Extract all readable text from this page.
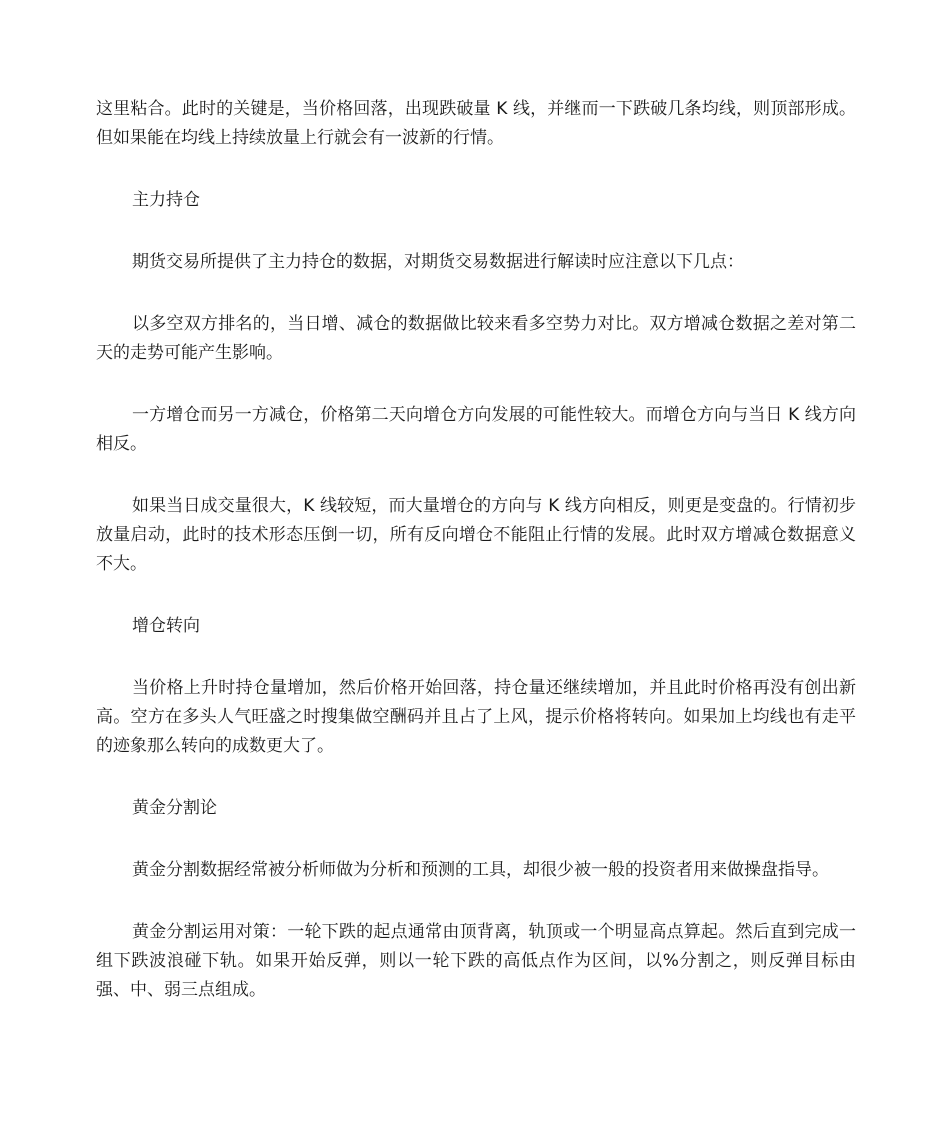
这里粘合。此时的关键是，当价格回落，出现跌破量 K 线，并继而一下跌破几条均线，则顶部形成。但如果能在均线上持续放量上行就会有一波新的行情。

主力持仓

期货交易所提供了主力持仓的数据，对期货交易数据进行解读时应注意以下几点：

以多空双方排名的，当日增、减仓的数据做比较来看多空势力对比。双方增减仓数据之差对第二天的走势可能产生影响。

一方增仓而另一方减仓，价格第二天向增仓方向发展的可能性较大。而增仓方向与当日 K 线方向相反。

如果当日成交量很大，K 线较短，而大量增仓的方向与 K 线方向相反，则更是变盘的。行情初步放量启动，此时的技术形态压倒一切，所有反向增仓不能阻止行情的发展。此时双方增减仓数据意义不大。

增仓转向

当价格上升时持仓量增加，然后价格开始回落，持仓量还继续增加，并且此时价格再没有创出新高。空方在多头人气旺盛之时搜集做空酬码并且占了上风，提示价格将转向。如果加上均线也有走平的迹象那么转向的成数更大了。

黄金分割论

黄金分割数据经常被分析师做为分析和预测的工具，却很少被一般的投资者用来做操盘指导。

黄金分割运用对策：一轮下跌的起点通常由顶背离，轨顶或一个明显高点算起。然后直到完成一组下跌波浪碰下轨。如果开始反弹，则以一轮下跌的高低点作为区间，以%分割之，则反弹目标由强、中、弱三点组成。
